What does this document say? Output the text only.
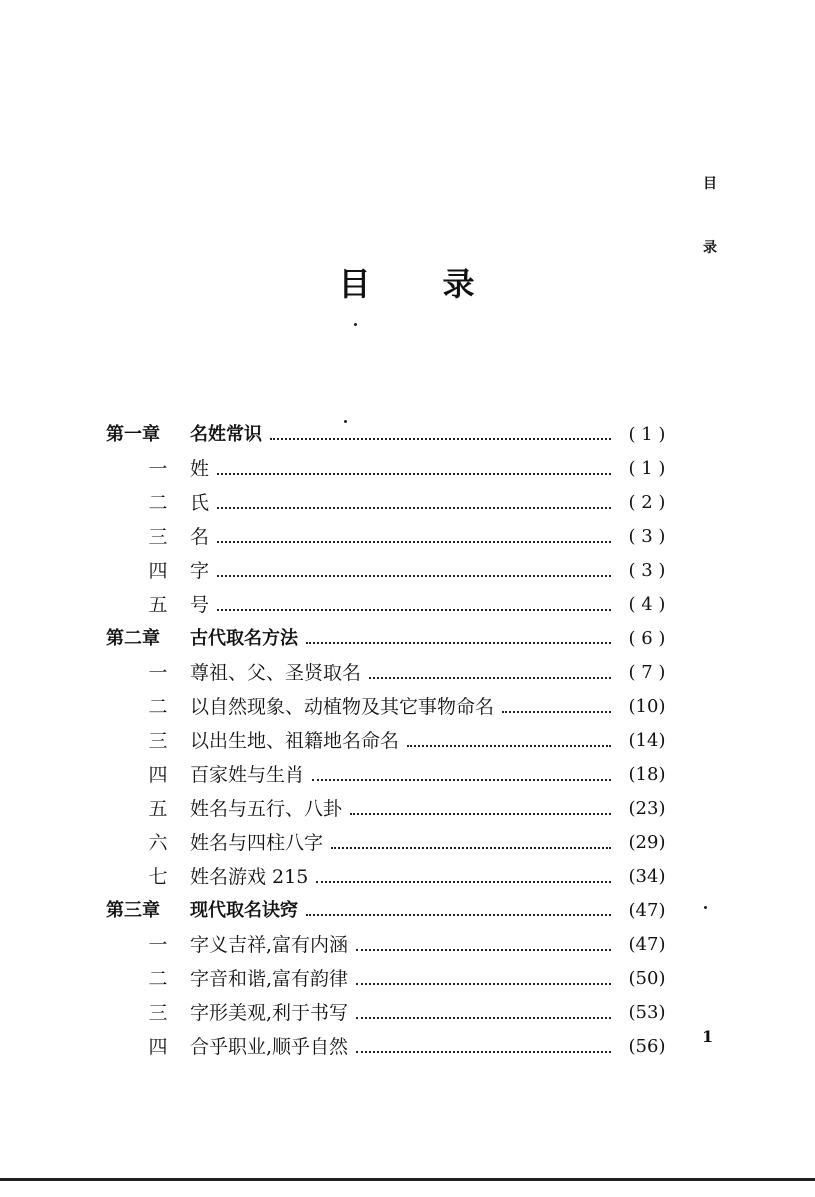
目
录
目 录
第一章 名姓常识	( 1 )
一 姓	( 1 )
二 氏	( 2 )
三 名	( 3 )
四 字	( 3 )
五 号	( 4 )
第二章 古代取名方法	( 6 )
一 尊祖、父、圣贤取名	( 7 )
二 以自然现象、动植物及其它事物命名	(10)
三 以出生地、祖籍地名命名	(14)
四 百家姓与生肖	(18)
五 姓名与五行、八卦	(23)
六 姓名与四柱八字	(29)
七 姓名游戏 215	(34)
第三章 现代取名诀窍	(47)
一 字义吉祥,富有内涵	(47)
二 字音和谐,富有韵律	(50)
三 字形美观,利于书写	(53)
四 合乎职业,顺乎自然	(56)	1
